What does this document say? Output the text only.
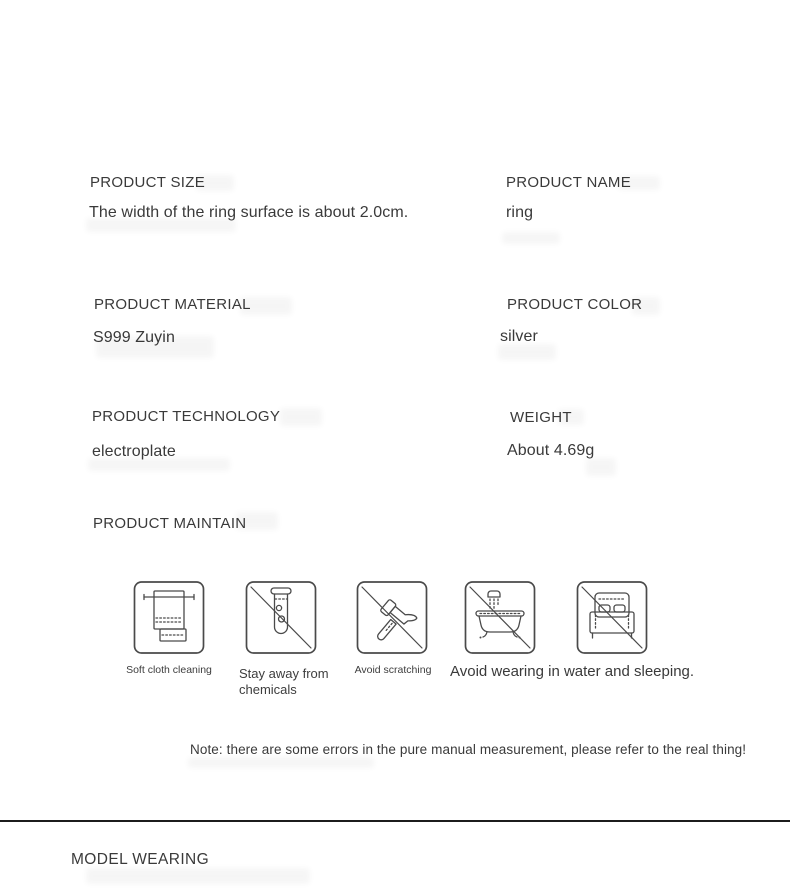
PRODUCT SIZE
The width of the ring surface is about 2.0cm.
PRODUCT NAME
ring
PRODUCT MATERIAL
S999 Zuyin
PRODUCT COLOR
silver
PRODUCT TECHNOLOGY
electroplate
WEIGHT
About 4.69g
PRODUCT MAINTAIN
Soft cloth cleaning Stay away from chemicals
Avoid scratching	Avoid wearing in water and sleeping.
Note: there are some errors in the pure manual measurement, please refer to the real thing!
MODEL WEARING
